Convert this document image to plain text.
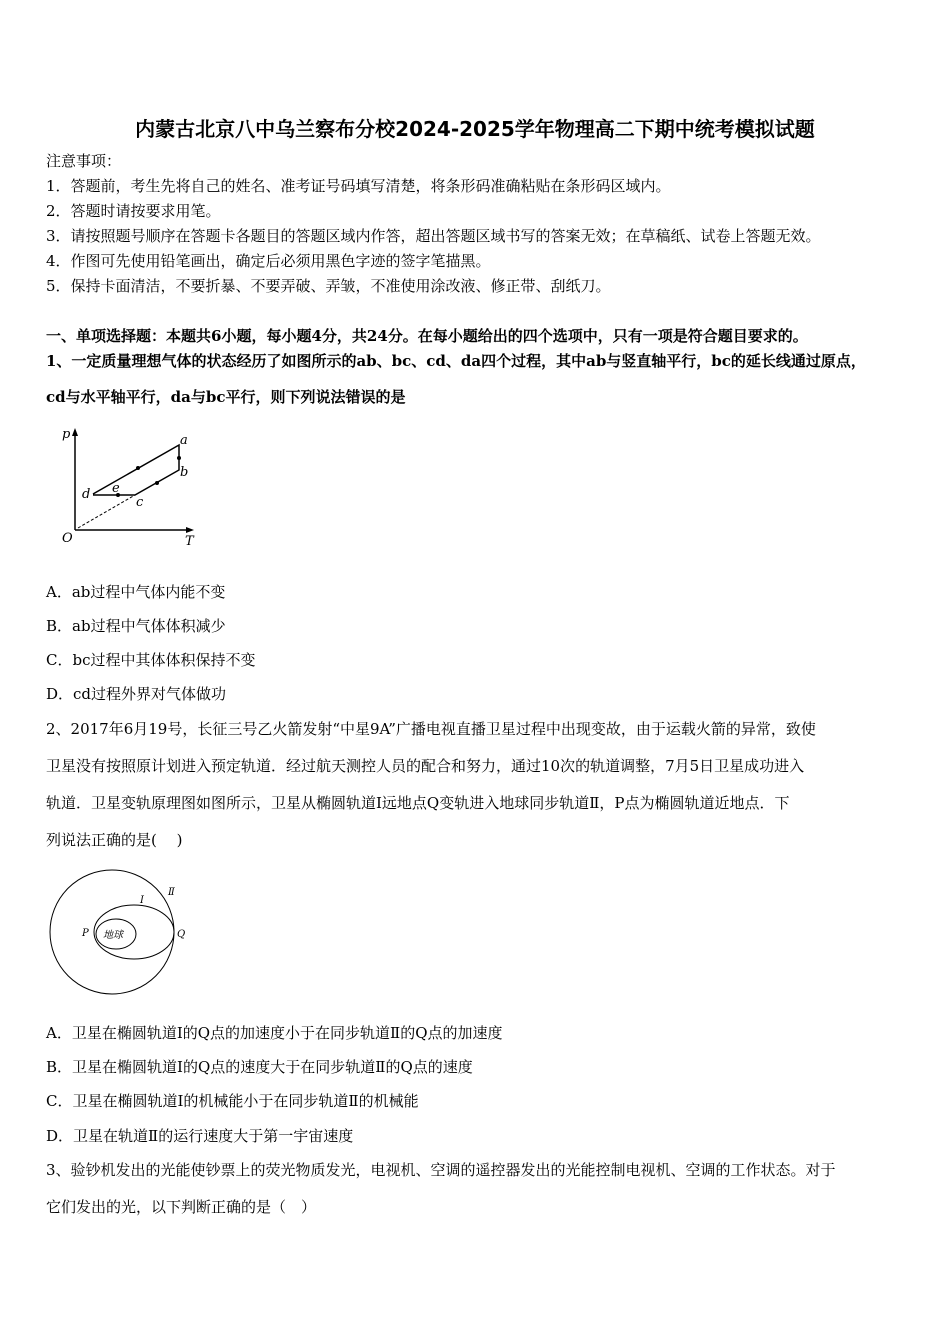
内蒙古北京八中乌兰察布分校2024-2025学年物理高二下期中统考模拟试题
注意事项：
1．答题前，考生先将自己的姓名、准考证号码填写清楚，将条形码准确粘贴在条形码区域内。
2．答题时请按要求用笔。
3．请按照题号顺序在答题卡各题目的答题区域内作答，超出答题区域书写的答案无效；在草稿纸、试卷上答题无效。
4．作图可先使用铅笔画出，确定后必须用黑色字迹的签字笔描黑。
5．保持卡面清洁，不要折暴、不要弄破、弄皱，不准使用涂改液、修正带、刮纸刀。
一、单项选择题：本题共6小题，每小题4分，共24分。在每小题给出的四个选项中，只有一项是符合题目要求的。
1、一定质量理想气体的状态经历了如图所示的ab、bc、cd、da四个过程，其中ab与竖直轴平行，bc的延长线通过原点，
cd与水平轴平行，da与bc平行，则下列说法错误的是
p
T
O
a
b
c
d e
A．ab过程中气体内能不变
B．ab过程中气体体积减少
C．bc过程中其体体积保持不变
D．cd过程外界对气体做功
2、2017年6月19号，长征三号乙火箭发射“中星9A”广播电视直播卫星过程中出现变故，由于运载火箭的异常，致使
卫星没有按照原计划进入预定轨道．经过航天测控人员的配合和努力，通过10次的轨道调整，7月5日卫星成功进入
轨道．卫星变轨原理图如图所示，卫星从椭圆轨道Ⅰ远地点Q变轨进入地球同步轨道Ⅱ，P点为椭圆轨道近地点．下
列说法正确的是(　 )
地球
P	Q
I
Ⅱ
A．卫星在椭圆轨道Ⅰ的Q点的加速度小于在同步轨道Ⅱ的Q点的加速度
B．卫星在椭圆轨道Ⅰ的Q点的速度大于在同步轨道Ⅱ的Q点的速度
C．卫星在椭圆轨道Ⅰ的机械能小于在同步轨道Ⅱ的机械能
D．卫星在轨道Ⅱ的运行速度大于第一宇宙速度
3、验钞机发出的光能使钞票上的荧光物质发光，电视机、空调的遥控器发出的光能控制电视机、空调的工作状态。对于
它们发出的光，以下判断正确的是（　）
